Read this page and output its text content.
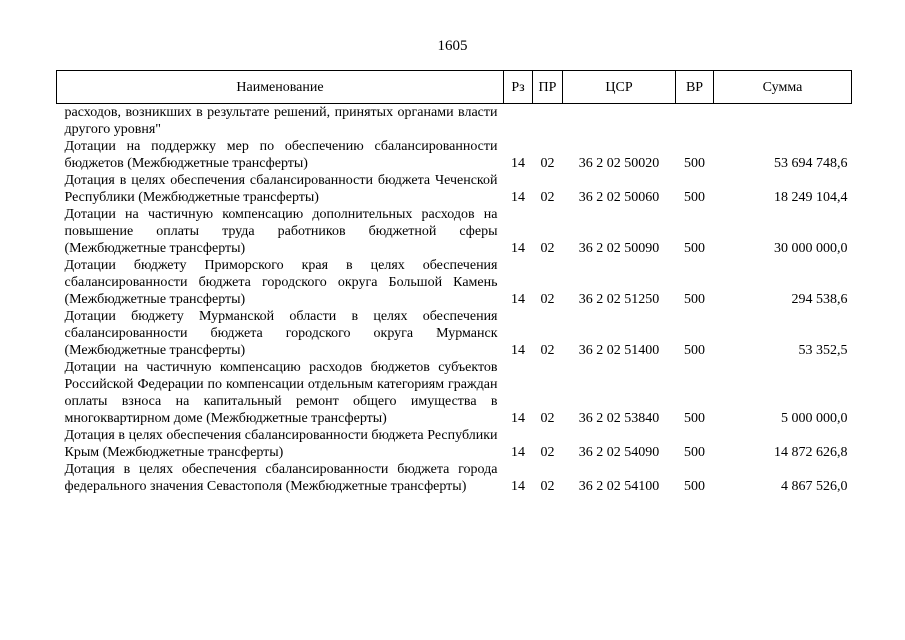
1605
Наименование	Рз	ПР	ЦСР	ВР	Сумма
расходов, возникших в результате решений, принятых органами власти другого уровня"					
Дотации на поддержку мер по обеспечению сбалансированности бюджетов (Межбюджетные трансферты)	14	02	36 2 02 50020	500	53 694 748,6
Дотация в целях обеспечения сбалансированности бюджета Чеченской Республики (Межбюджетные трансферты)	14	02	36 2 02 50060	500	18 249 104,4
Дотации на частичную компенсацию дополнительных расходов на повышение оплаты труда работников бюджетной сферы (Межбюджетные трансферты)	14	02	36 2 02 50090	500	30 000 000,0
Дотации бюджету Приморского края в целях обеспечения сбалансированности бюджета городского округа Большой Камень (Межбюджетные трансферты)	14	02	36 2 02 51250	500	294 538,6
Дотации бюджету Мурманской области в целях обеспечения сбалансированности бюджета городского округа Мурманск (Межбюджетные трансферты)	14	02	36 2 02 51400	500	53 352,5
Дотации на частичную компенсацию расходов бюджетов субъектов Российской Федерации по компенсации отдельным категориям граждан оплаты взноса на капитальный ремонт общего имущества в многоквартирном доме (Межбюджетные трансферты)	14	02	36 2 02 53840	500	5 000 000,0
Дотация в целях обеспечения сбалансированности бюджета Республики Крым (Межбюджетные трансферты)	14	02	36 2 02 54090	500	14 872 626,8
Дотация в целях обеспечения сбалансированности бюджета города федерального значения Севастополя (Межбюджетные трансферты)	14	02	36 2 02 54100	500	4 867 526,0
